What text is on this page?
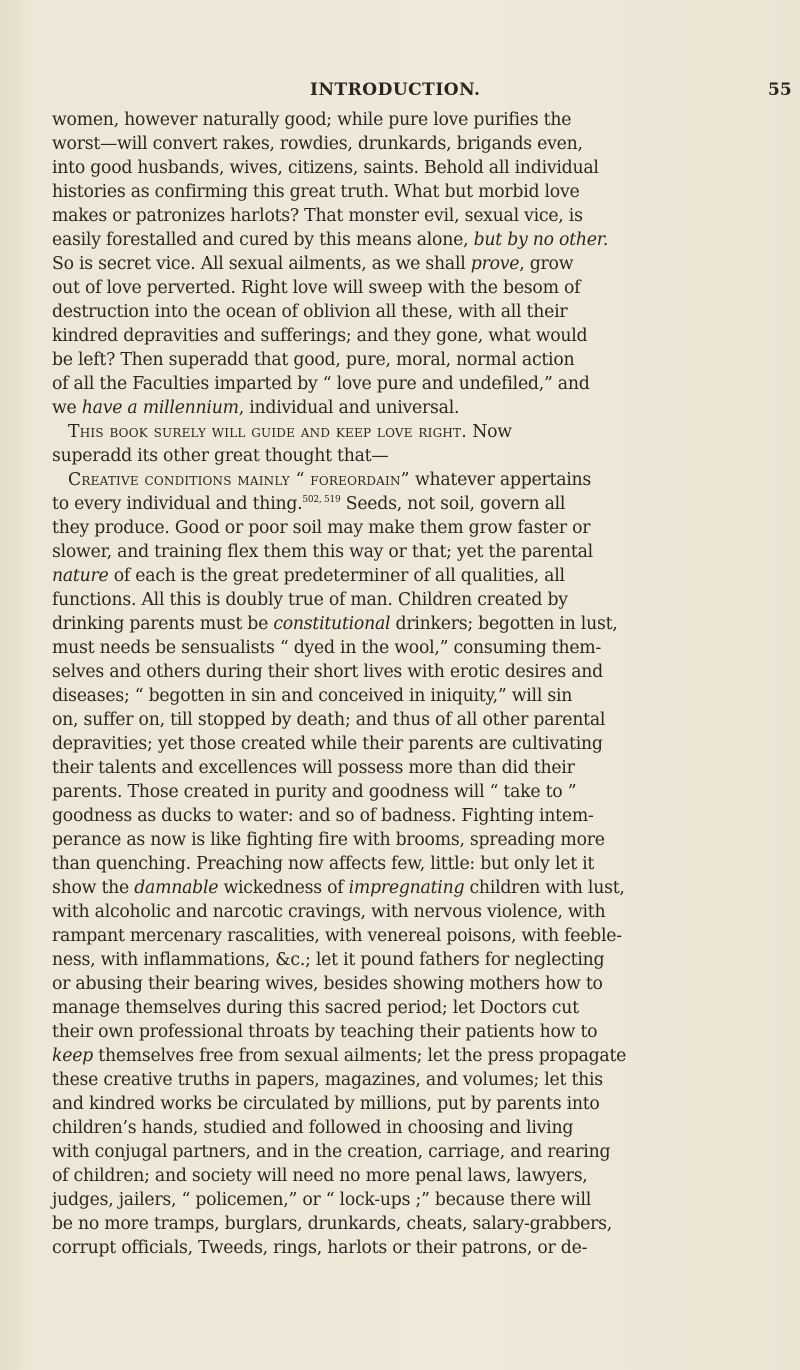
INTRODUCTION.	55
women, however naturally good; while pure love purifies the
worst—will convert rakes, rowdies, drunkards, brigands even,
into good husbands, wives, citizens, saints. Behold all individual
histories as confirming this great truth. What but morbid love
makes or patronizes harlots? That monster evil, sexual vice, is
easily forestalled and cured by this means alone, but by no other.
So is secret vice. All sexual ailments, as we shall prove, grow
out of love perverted. Right love will sweep with the besom of
destruction into the ocean of oblivion all these, with all their
kindred depravities and sufferings; and they gone, what would
be left? Then superadd that good, pure, moral, normal action
of all the Faculties imparted by “ love pure and undefiled,” and
we have a millennium, individual and universal.
This book surely will guide and keep love right. Now
superadd its other great thought that—
Creative conditions mainly “ foreordain” whatever appertains
to every individual and thing.$^{502, 519}$ Seeds, not soil, govern all
they produce. Good or poor soil may make them grow faster or
slower, and training flex them this way or that; yet the parental
nature of each is the great predeterminer of all qualities, all
functions. All this is doubly true of man. Children created by
drinking parents must be constitutional drinkers; begotten in lust,
must needs be sensualists “ dyed in the wool,” consuming them-
selves and others during their short lives with erotic desires and
diseases; “ begotten in sin and conceived in iniquity,” will sin
on, suffer on, till stopped by death; and thus of all other parental
depravities; yet those created while their parents are cultivating
their talents and excellences will possess more than did their
parents. Those created in purity and goodness will “ take to ”
goodness as ducks to water: and so of badness. Fighting intem-
perance as now is like fighting fire with brooms, spreading more
than quenching. Preaching now affects few, little: but only let it
show the damnable wickedness of impregnating children with lust,
with alcoholic and narcotic cravings, with nervous violence, with
rampant mercenary rascalities, with venereal poisons, with feeble-
ness, with inflammations, &c.; let it pound fathers for neglecting
or abusing their bearing wives, besides showing mothers how to
manage themselves during this sacred period; let Doctors cut
their own professional throats by teaching their patients how to
keep themselves free from sexual ailments; let the press propagate
these creative truths in papers, magazines, and volumes; let this
and kindred works be circulated by millions, put by parents into
children’s hands, studied and followed in choosing and living
with conjugal partners, and in the creation, carriage, and rearing
of children; and society will need no more penal laws, lawyers,
judges, jailers, “ policemen,” or “ lock-ups ;” because there will
be no more tramps, burglars, drunkards, cheats, salary-grabbers,
corrupt officials, Tweeds, rings, harlots or their patrons, or de-
